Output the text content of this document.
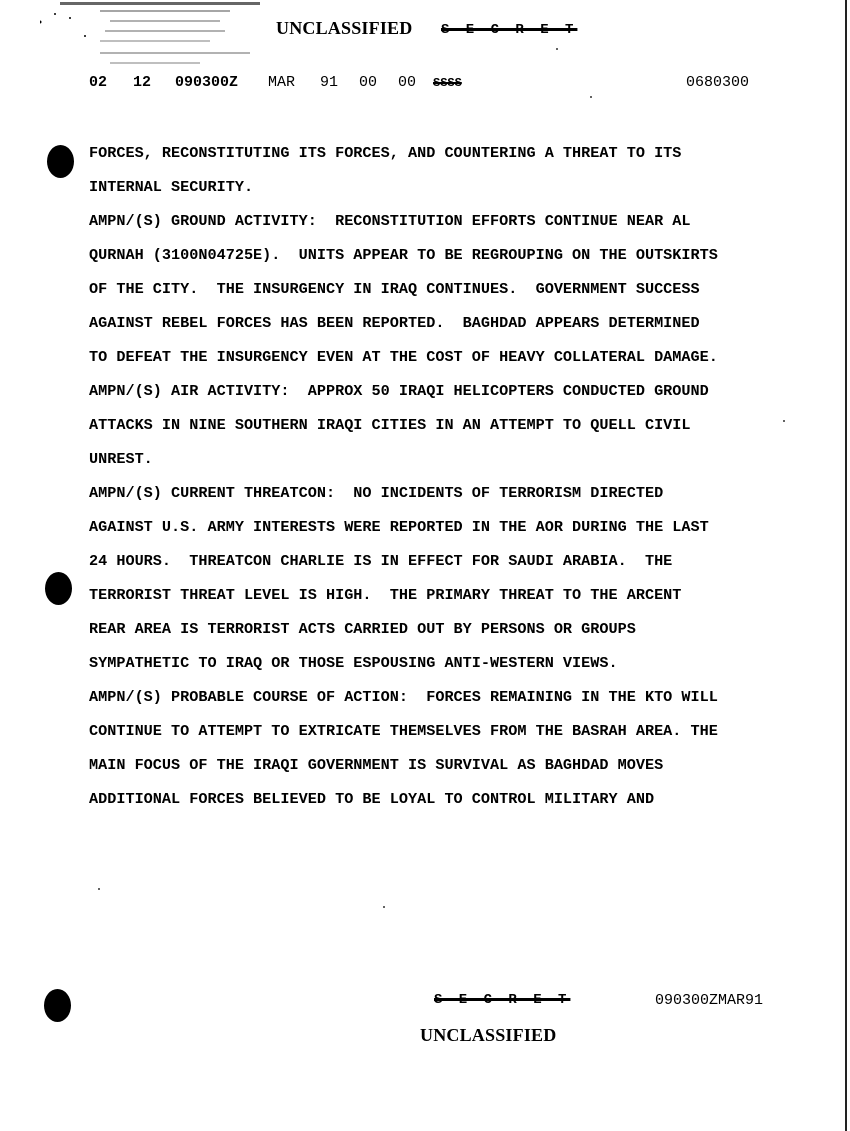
UNCLASSIFIED S E C R E T
02 12 090300Z MAR 91 00 00 SSSS	0680300
FORCES, RECONSTITUTING ITS FORCES, AND COUNTERING A THREAT TO ITS
INTERNAL SECURITY.
AMPN/(S) GROUND ACTIVITY:  RECONSTITUTION EFFORTS CONTINUE NEAR AL
QURNAH (3100N04725E).  UNITS APPEAR TO BE REGROUPING ON THE OUTSKIRTS
OF THE CITY.  THE INSURGENCY IN IRAQ CONTINUES.  GOVERNMENT SUCCESS
AGAINST REBEL FORCES HAS BEEN REPORTED.  BAGHDAD APPEARS DETERMINED
TO DEFEAT THE INSURGENCY EVEN AT THE COST OF HEAVY COLLATERAL DAMAGE.
AMPN/(S) AIR ACTIVITY:  APPROX 50 IRAQI HELICOPTERS CONDUCTED GROUND
ATTACKS IN NINE SOUTHERN IRAQI CITIES IN AN ATTEMPT TO QUELL CIVIL
UNREST.
AMPN/(S) CURRENT THREATCON:  NO INCIDENTS OF TERRORISM DIRECTED
AGAINST U.S. ARMY INTERESTS WERE REPORTED IN THE AOR DURING THE LAST
24 HOURS.  THREATCON CHARLIE IS IN EFFECT FOR SAUDI ARABIA.  THE
TERRORIST THREAT LEVEL IS HIGH.  THE PRIMARY THREAT TO THE ARCENT
REAR AREA IS TERRORIST ACTS CARRIED OUT BY PERSONS OR GROUPS
SYMPATHETIC TO IRAQ OR THOSE ESPOUSING ANTI-WESTERN VIEWS.
AMPN/(S) PROBABLE COURSE OF ACTION:  FORCES REMAINING IN THE KTO WILL
CONTINUE TO ATTEMPT TO EXTRICATE THEMSELVES FROM THE BASRAH AREA. THE
MAIN FOCUS OF THE IRAQI GOVERNMENT IS SURVIVAL AS BAGHDAD MOVES
ADDITIONAL FORCES BELIEVED TO BE LOYAL TO CONTROL MILITARY AND
S E C R E T	090300ZMAR91
UNCLASSIFIED
